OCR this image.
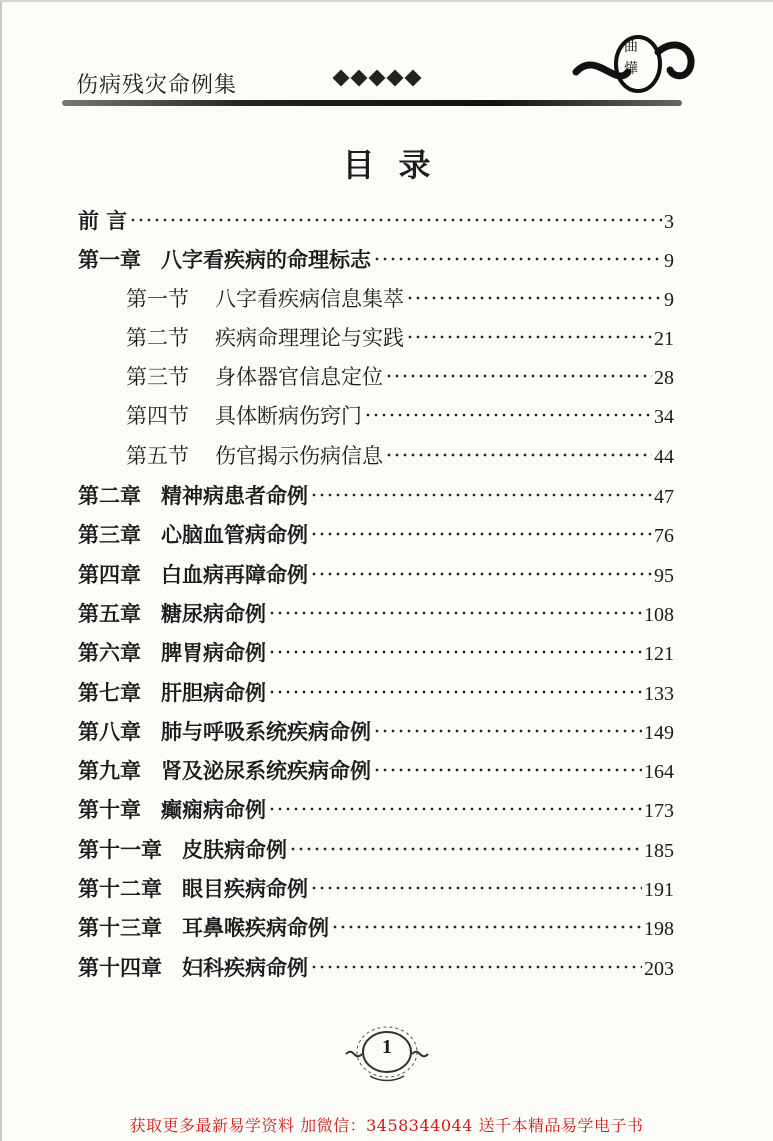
伤病残灾命例集
曲燁
目录
前 言	3
第一章 八字看疾病的命理标志	9
第一节 八字看疾病信息集萃	9
第二节 疾病命理理论与实践	21
第三节 身体器官信息定位	28
第四节 具体断病伤窍门	34
第五节 伤官揭示伤病信息	44
第二章 精神病患者命例	47
第三章 心脑血管病命例	76
第四章 白血病再障命例	95
第五章 糖尿病命例	108
第六章 脾胃病命例	121
第七章 肝胆病命例	133
第八章 肺与呼吸系统疾病命例	149
第九章 肾及泌尿系统疾病命例	164
第十章 癫痫病命例	173
第十一章 皮肤病命例	185
第十二章 眼目疾病命例	191
第十三章 耳鼻喉疾病命例	198
第十四章 妇科疾病命例	203
1
获取更多最新易学资料 加微信：3458344044 送千本精品易学电子书
